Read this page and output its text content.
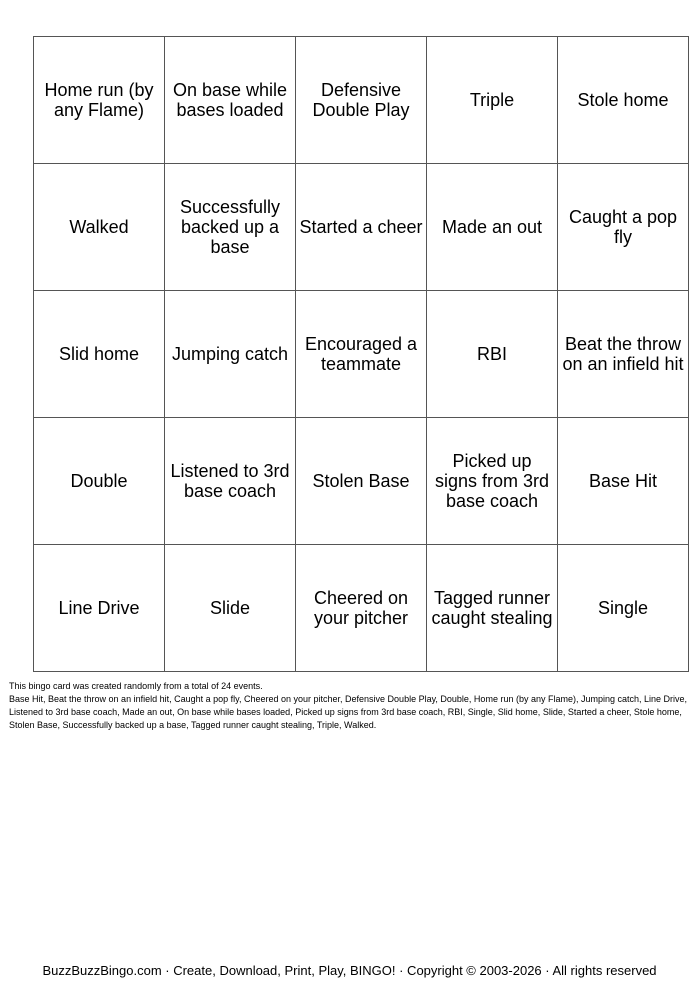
Home run (by any Flame)	On base while bases loaded	Defensive Double Play	Triple	Stole home
Walked	Successfully backed up a base	Started a cheer	Made an out	Caught a pop fly
Slid home	Jumping catch	Encouraged a teammate	RBI	Beat the throw on an infield hit
Double	Listened to 3rd base coach	Stolen Base	Picked up signs from 3rd base coach	Base Hit
Line Drive	Slide	Cheered on your pitcher	Tagged runner caught stealing	Single

This bingo card was created randomly from a total of 24 events.

Base Hit, Beat the throw on an infield hit, Caught a pop fly, Cheered on your pitcher, Defensive Double Play, Double, Home run (by any Flame), Jumping catch, Line Drive, Listened to 3rd base coach, Made an out, On base while bases loaded, Picked up signs from 3rd base coach, RBI, Single, Slid home, Slide, Started a cheer, Stole home, Stolen Base, Successfully backed up a base, Tagged runner caught stealing, Triple, Walked.

BuzzBuzzBingo.com · Create, Download, Print, Play, BINGO! · Copyright © 2003-2026 · All rights reserved
